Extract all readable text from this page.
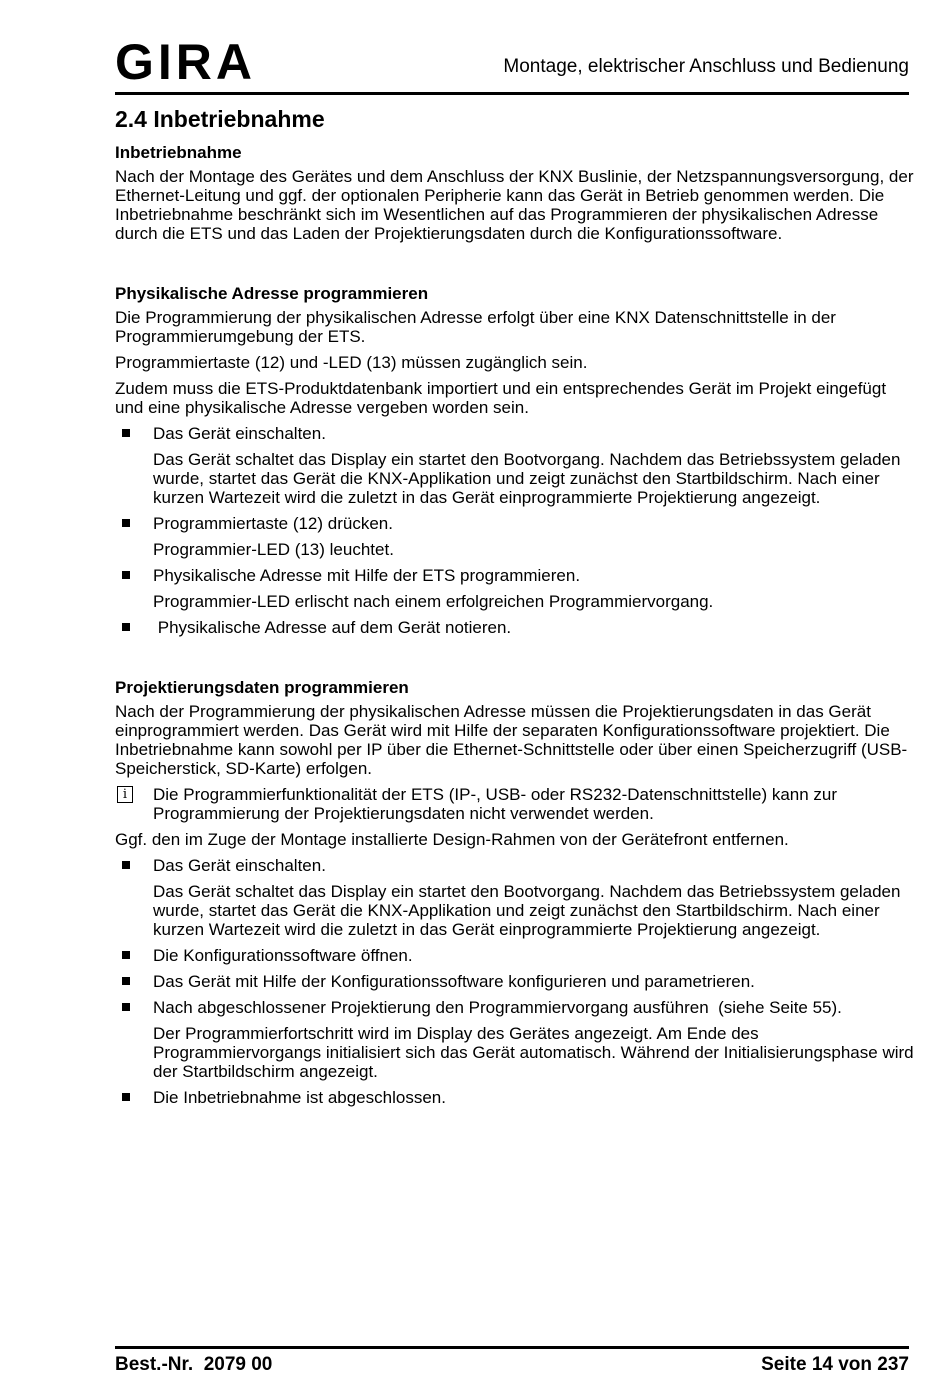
GIRA	Montage, elektrischer Anschluss und Bedienung
2.4 Inbetriebnahme
Inbetriebnahme

Nach der Montage des Gerätes und dem Anschluss der KNX Buslinie, der Netzspannungsversorgung, der Ethernet-Leitung und ggf. der optionalen Peripherie kann das Gerät in Betrieb genommen werden. Die Inbetriebnahme beschränkt sich im Wesentlichen auf das Programmieren der physikalischen Adresse durch die ETS und das Laden der Projektierungsdaten durch die Konfigurationssoftware.

Physikalische Adresse programmieren

Die Programmierung der physikalischen Adresse erfolgt über eine KNX Datenschnittstelle in der Programmierumgebung der ETS.

Programmiertaste (12) und -LED (13) müssen zugänglich sein.

Zudem muss die ETS-Produktdatenbank importiert und ein entsprechendes Gerät im Projekt eingefügt und eine physikalische Adresse vergeben worden sein.

Das Gerät einschalten.
Das Gerät schaltet das Display ein startet den Bootvorgang. Nachdem das Betriebssystem geladen wurde, startet das Gerät die KNX-Applikation und zeigt zunächst den Startbildschirm. Nach einer kurzen Wartezeit wird die zuletzt in das Gerät einprogrammierte Projektierung angezeigt.
Programmiertaste (12) drücken.
Programmier-LED (13) leuchtet.
Physikalische Adresse mit Hilfe der ETS programmieren.
Programmier-LED erlischt nach einem erfolgreichen Programmiervorgang.
Physikalische Adresse auf dem Gerät notieren.
Projektierungsdaten programmieren

Nach der Programmierung der physikalischen Adresse müssen die Projektierungsdaten in das Gerät einprogrammiert werden. Das Gerät wird mit Hilfe der separaten Konfigurationssoftware projektiert. Die Inbetriebnahme kann sowohl per IP über die Ethernet-Schnittstelle oder über einen Speicherzugriff (USB-Speicherstick, SD-Karte) erfolgen.

i	Die Programmierfunktionalität der ETS (IP-, USB- oder RS232-Datenschnittstelle) kann zur Programmierung der Projektierungsdaten nicht verwendet werden.

Ggf. den im Zuge der Montage installierte Design-Rahmen von der Gerätefront entfernen.

Das Gerät einschalten.
Das Gerät schaltet das Display ein startet den Bootvorgang. Nachdem das Betriebssystem geladen wurde, startet das Gerät die KNX-Applikation und zeigt zunächst den Startbildschirm. Nach einer kurzen Wartezeit wird die zuletzt in das Gerät einprogrammierte Projektierung angezeigt.
Die Konfigurationssoftware öffnen.
Das Gerät mit Hilfe der Konfigurationssoftware konfigurieren und parametrieren.
Nach abgeschlossener Projektierung den Programmiervorgang ausführen  (siehe Seite 55).
Der Programmierfortschritt wird im Display des Gerätes angezeigt. Am Ende des Programmiervorgangs initialisiert sich das Gerät automatisch. Während der Initialisierungsphase wird der Startbildschirm angezeigt.
Die Inbetriebnahme ist abgeschlossen.
Best.-Nr.  2079 00	Seite 14 von 237
